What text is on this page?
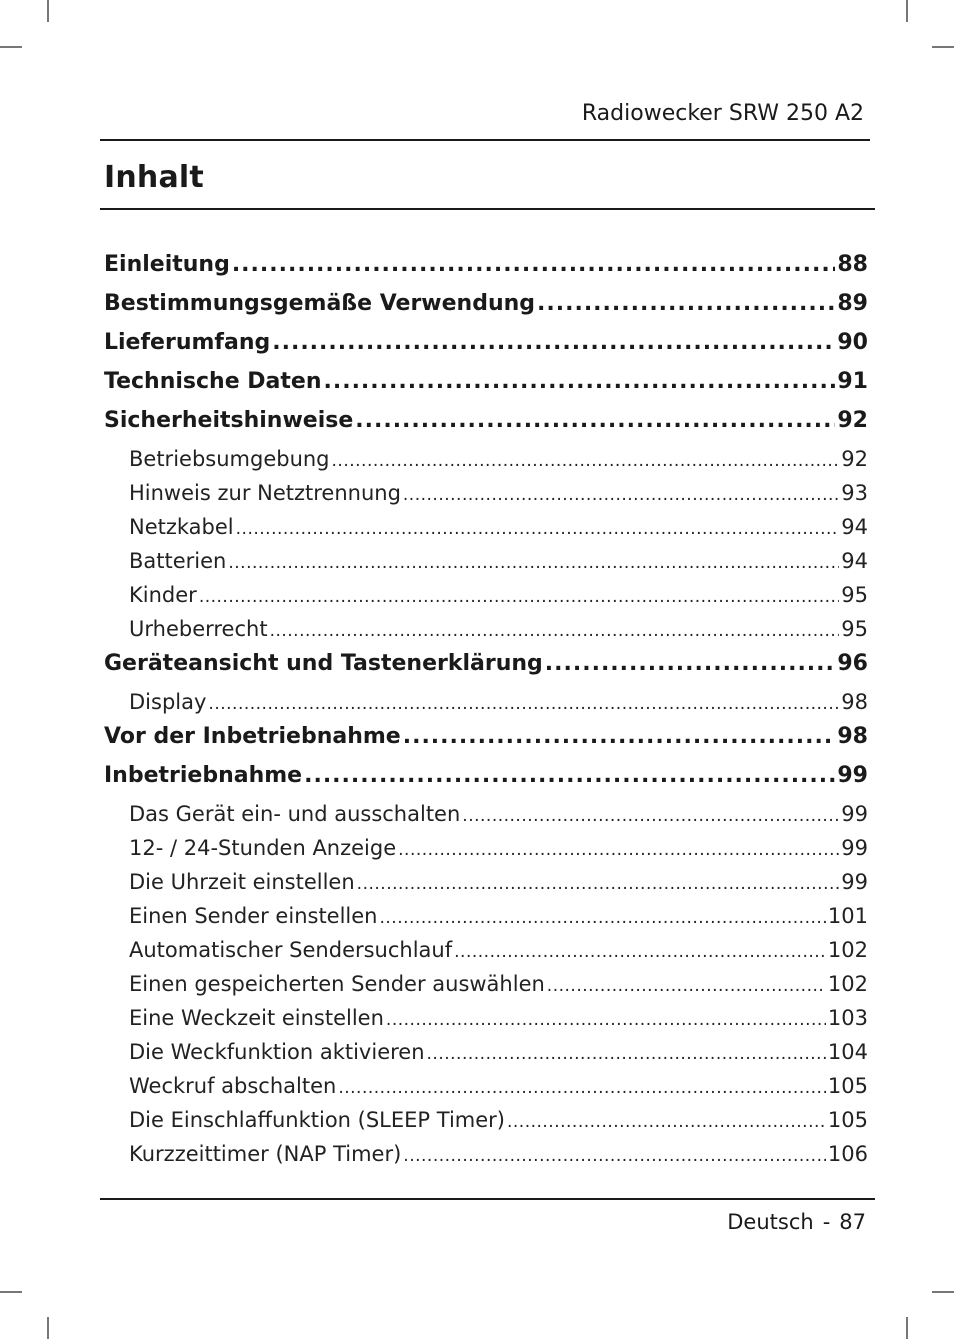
Radiowecker SRW 250 A2
Inhalt
Einleitung .....	88
Bestimmungsgemäße Verwendung .....	89
Lieferumfang .....	90
Technische Daten .....	91
Sicherheitshinweise .....	92
Betriebsumgebung .....	92
Hinweis zur Netztrennung .....	93
Netzkabel .....	94
Batterien .....	94
Kinder .....	95
Urheberrecht .....	95
Geräteansicht und Tastenerklärung .....	96
Display .....	98
Vor der Inbetriebnahme .....	98
Inbetriebnahme .....	99
Das Gerät ein- und ausschalten .....	99
12- / 24-Stunden Anzeige .....	99
Die Uhrzeit einstellen .....	99
Einen Sender einstellen .....	101
Automatischer Sendersuchlauf .....	102
Einen gespeicherten Sender auswählen .....	102
Eine Weckzeit einstellen .....	103
Die Weckfunktion aktivieren .....	104
Weckruf abschalten .....	105
Die Einschlaffunktion (SLEEP Timer) .....	105
Kurzzeittimer (NAP Timer) .....	106
Deutsch - 87
